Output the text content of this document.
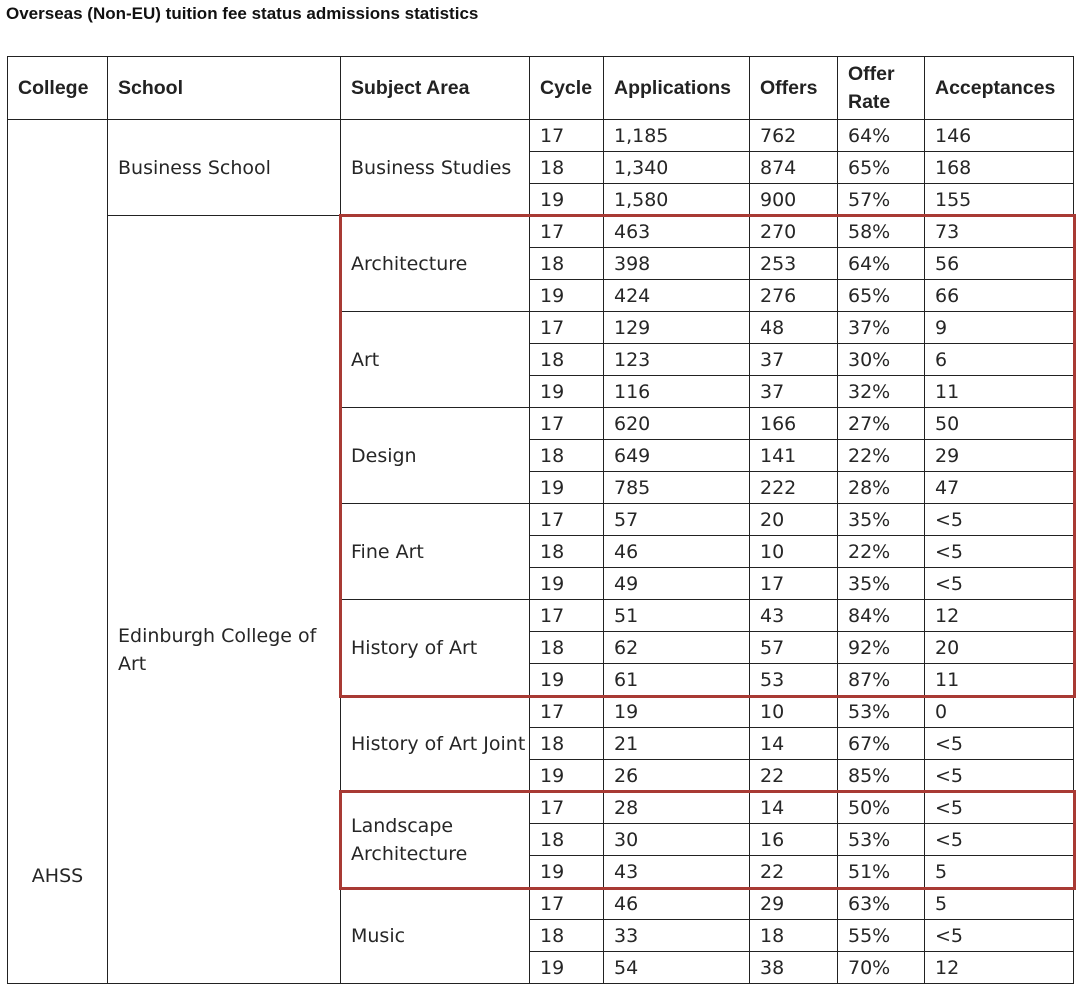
Overseas (Non-EU) tuition fee status admissions statistics
College	School	Subject Area	Cycle	Applications	Offers	Offer Rate	Acceptances
AHSS	Business School	Business Studies	17	1,185	762	64%	146
			18	1,340	874	65%	168
			19	1,580	900	57%	155
	Edinburgh College of Art	Architecture	17	463	270	58%	73
			18	398	253	64%	56
			19	424	276	65%	66
		Art	17	129	48	37%	9
			18	123	37	30%	6
			19	116	37	32%	11
		Design	17	620	166	27%	50
			18	649	141	22%	29
			19	785	222	28%	47
		Fine Art	17	57	20	35%	<5
			18	46	10	22%	<5
			19	49	17	35%	<5
		History of Art	17	51	43	84%	12
			18	62	57	92%	20
			19	61	53	87%	11
		History of Art Joint	17	19	10	53%	0
			18	21	14	67%	<5
			19	26	22	85%	<5
		Landscape Architecture	17	28	14	50%	<5
			18	30	16	53%	<5
			19	43	22	51%	5
		Music	17	46	29	63%	5
			18	33	18	55%	<5
			19	54	38	70%	12
